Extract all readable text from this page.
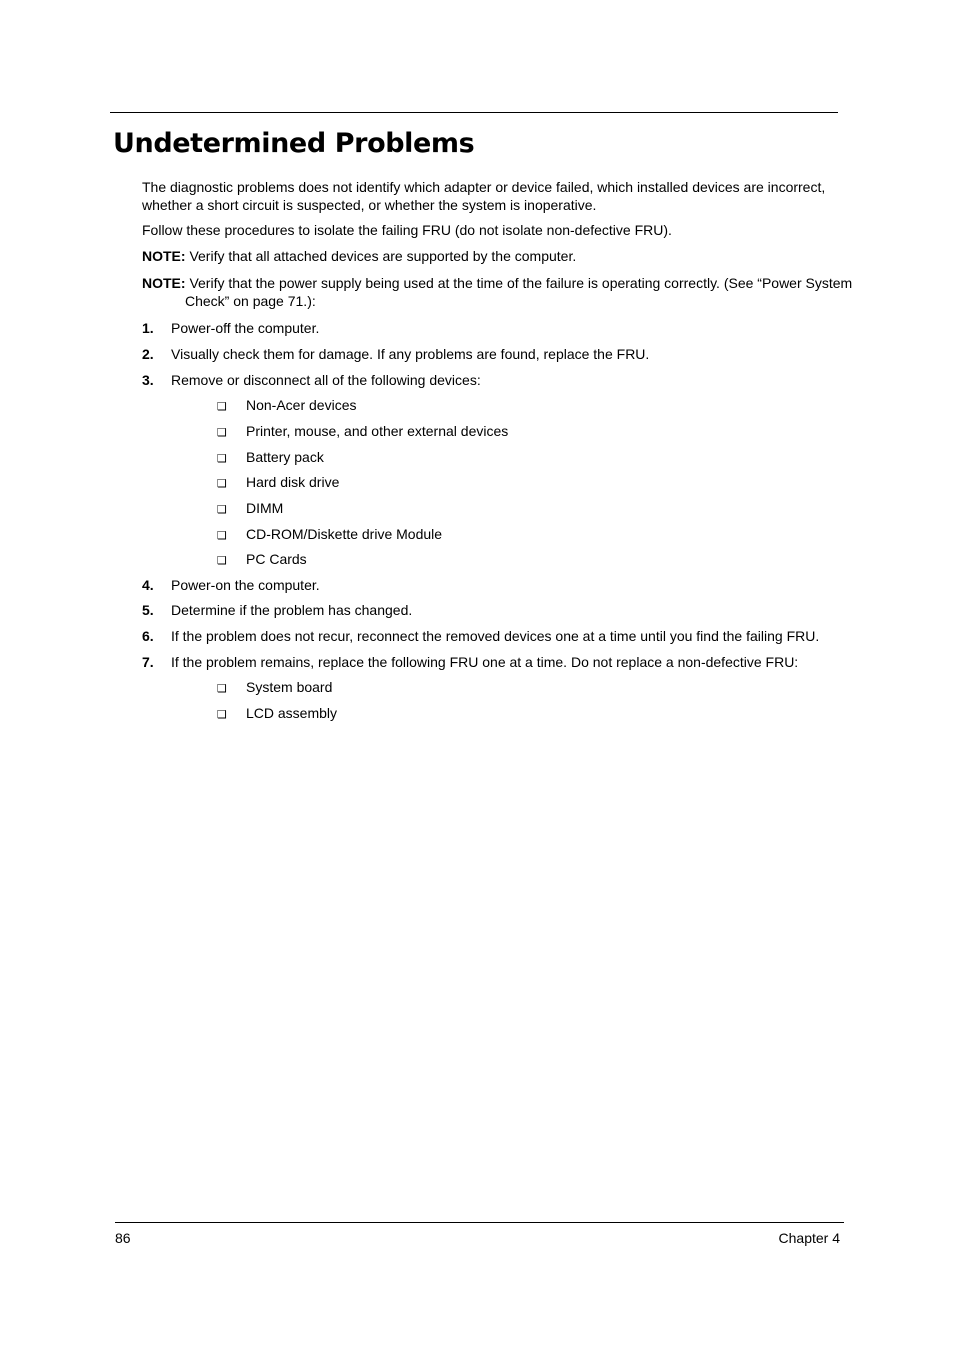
Undetermined Problems

The diagnostic problems does not identify which adapter or device failed, which installed devices are incorrect, whether a short circuit is suspected, or whether the system is inoperative.

Follow these procedures to isolate the failing FRU (do not isolate non-defective FRU).

NOTE: Verify that all attached devices are supported by the computer.

NOTE: Verify that the power supply being used at the time of the failure is operating correctly. (See “Power System Check” on page 71.):

1. Power-off the computer.
2. Visually check them for damage. If any problems are found, replace the FRU.
3. Remove or disconnect all of the following devices:
❑ Non-Acer devices
❑ Printer, mouse, and other external devices
❑ Battery pack
❑ Hard disk drive
❑ DIMM
❑ CD-ROM/Diskette drive Module
❑ PC Cards
4. Power-on the computer.
5. Determine if the problem has changed.
6. If the problem does not recur, reconnect the removed devices one at a time until you find the failing FRU.
7. If the problem remains, replace the following FRU one at a time. Do not replace a non-defective FRU:
❑ System board
❑ LCD assembly
86	Chapter 4
